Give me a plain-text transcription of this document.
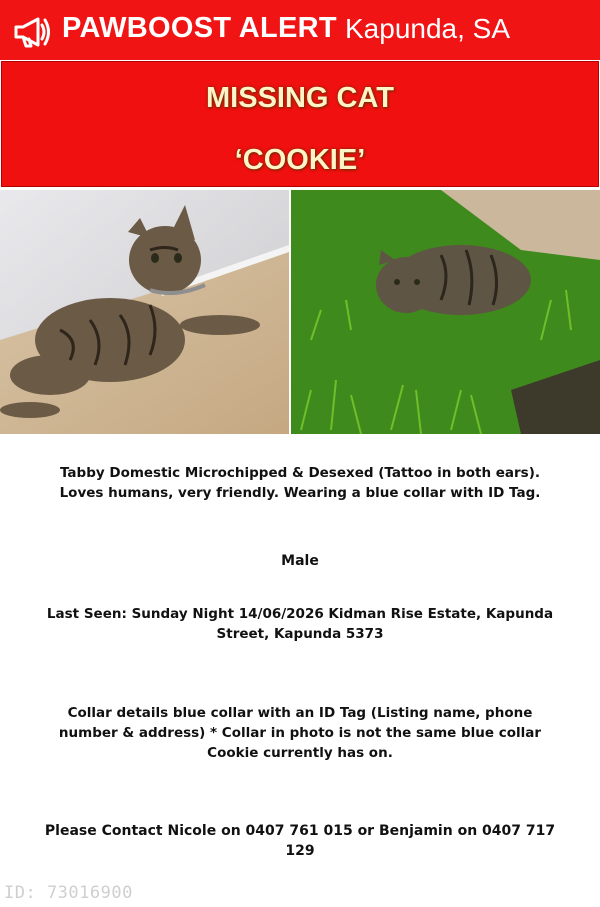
PAWBOOST ALERT Kapunda, SA
MISSING CAT
‘COOKIE’
Tabby Domestic Microchipped & Desexed (Tattoo in both ears). Loves humans, very friendly. Wearing a blue collar with ID Tag.
Male
Last Seen: Sunday Night 14/06/2026 Kidman Rise Estate, Kapunda Street, Kapunda 5373
Collar details blue collar with an ID Tag (Listing name, phone number & address) * Collar in photo is not the same blue collar Cookie currently has on.
Please Contact Nicole on 0407 761 015 or Benjamin on 0407 717 129
ID: 73016900
